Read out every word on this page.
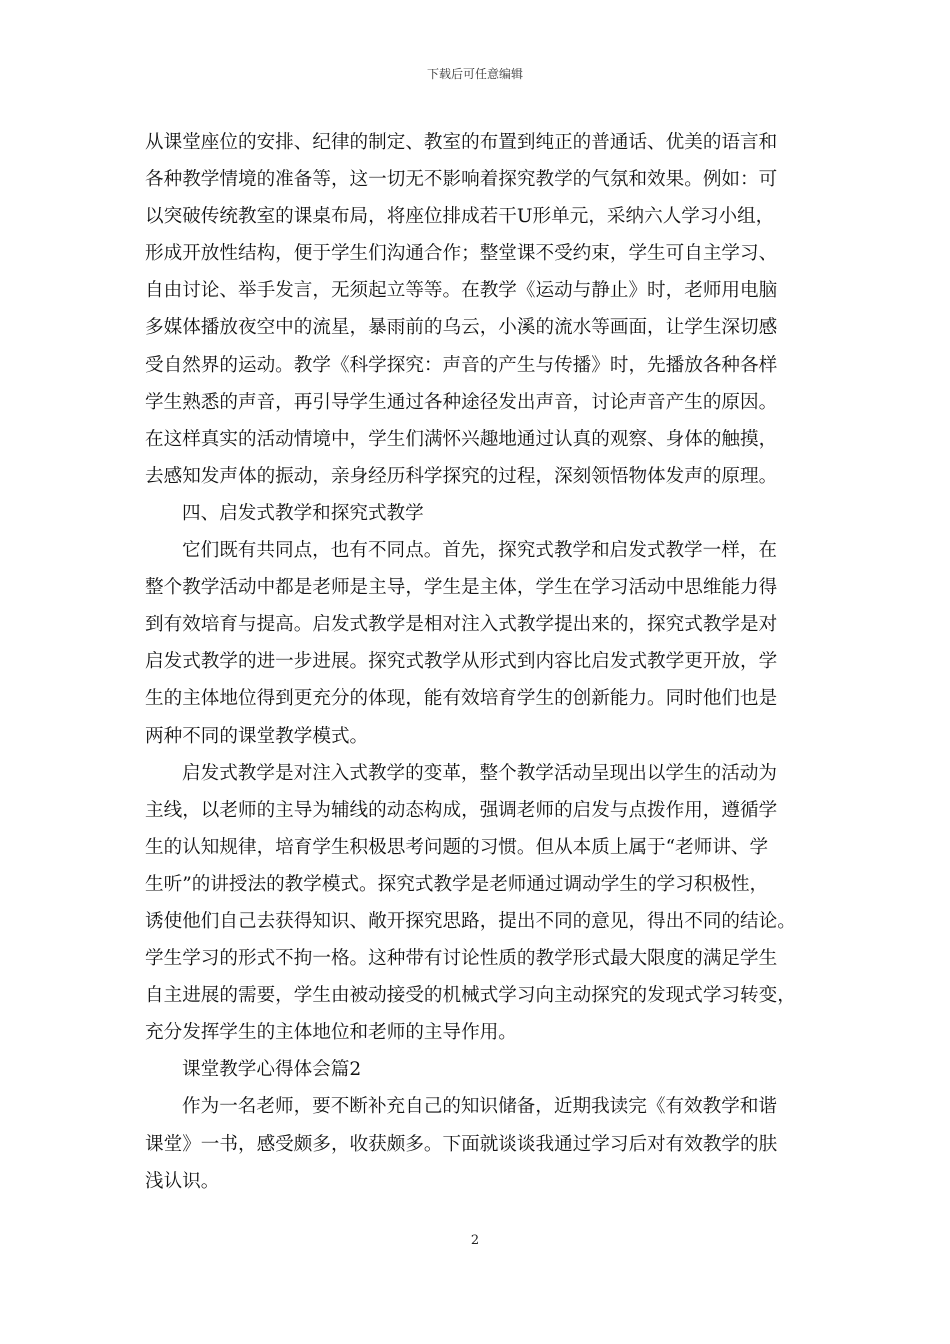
下载后可任意编辑
从课堂座位的安排、纪律的制定、教室的布置到纯正的普通话、优美的语言和
各种教学情境的准备等，这一切无不影响着探究教学的气氛和效果。例如：可
以突破传统教室的课桌布局，将座位排成若干U形单元，采纳六人学习小组，
形成开放性结构，便于学生们沟通合作；整堂课不受约束，学生可自主学习、
自由讨论、举手发言，无须起立等等。在教学《运动与静止》时，老师用电脑
多媒体播放夜空中的流星，暴雨前的乌云，小溪的流水等画面，让学生深切感
受自然界的运动。教学《科学探究：声音的产生与传播》时，先播放各种各样
学生熟悉的声音，再引导学生通过各种途径发出声音，讨论声音产生的原因。
在这样真实的活动情境中，学生们满怀兴趣地通过认真的观察、身体的触摸，
去感知发声体的振动，亲身经历科学探究的过程，深刻领悟物体发声的原理。
四、启发式教学和探究式教学
它们既有共同点，也有不同点。首先，探究式教学和启发式教学一样，在
整个教学活动中都是老师是主导，学生是主体，学生在学习活动中思维能力得
到有效培育与提高。启发式教学是相对注入式教学提出来的，探究式教学是对
启发式教学的进一步进展。探究式教学从形式到内容比启发式教学更开放，学
生的主体地位得到更充分的体现，能有效培育学生的创新能力。同时他们也是
两种不同的课堂教学模式。
启发式教学是对注入式教学的变革，整个教学活动呈现出以学生的活动为
主线，以老师的主导为辅线的动态构成，强调老师的启发与点拨作用，遵循学
生的认知规律，培育学生积极思考问题的习惯。但从本质上属于“老师讲、学
生听”的讲授法的教学模式。探究式教学是老师通过调动学生的学习积极性，
诱使他们自己去获得知识、敞开探究思路，提出不同的意见，得出不同的结论。
学生学习的形式不拘一格。这种带有讨论性质的教学形式最大限度的满足学生
自主进展的需要，学生由被动接受的机械式学习向主动探究的发现式学习转变，
充分发挥学生的主体地位和老师的主导作用。
课堂教学心得体会篇2
作为一名老师，要不断补充自己的知识储备，近期我读完《有效教学和谐
课堂》一书，感受颇多，收获颇多。下面就谈谈我通过学习后对有效教学的肤
浅认识。
2
